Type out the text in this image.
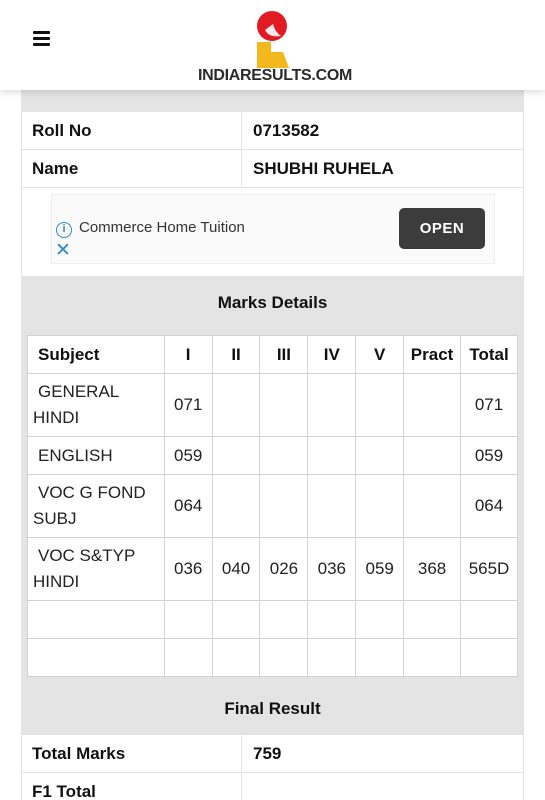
INDIARESULTS.COM
Roll No	0713582
Name	SHUBHI RUHELA
i Commerce Home Tuition
✕
OPEN
Marks Details
Subject	I	II	III	IV	V	Pract	Total
GENERAL
HINDI	071						071
ENGLISH	059						059
VOC G FOND
SUBJ	064						064
VOC S&TYP
HINDI	036	040	026	036	059	368	565D

Final Result
Total Marks	759
F1 Total
